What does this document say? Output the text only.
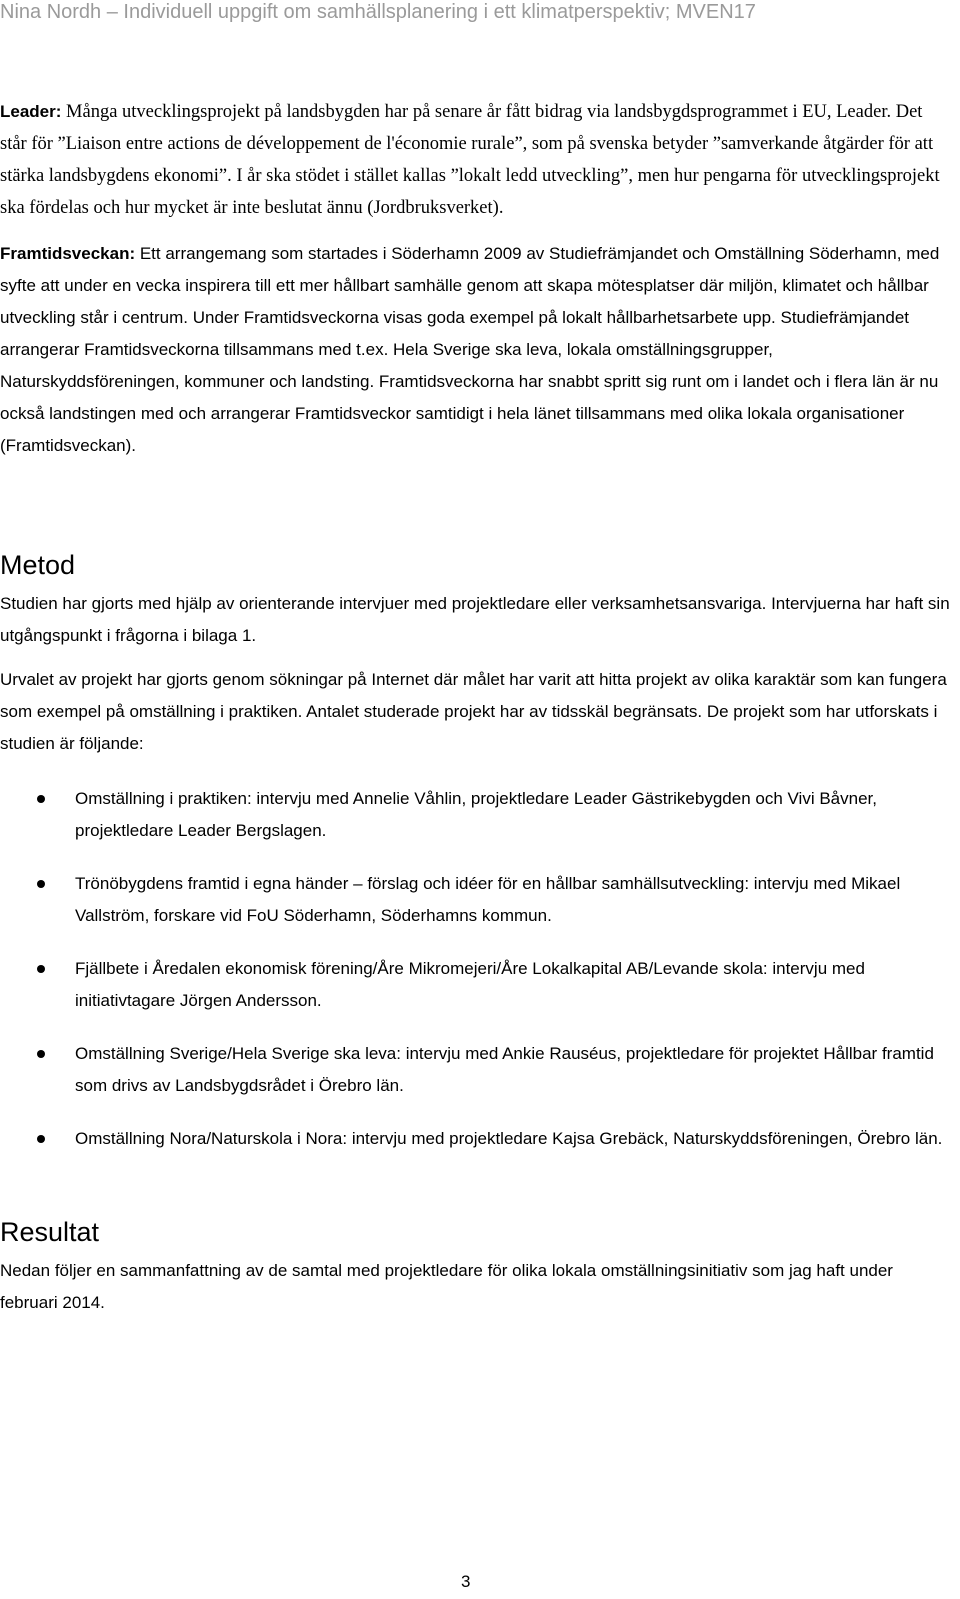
Nina Nordh – Individuell uppgift om samhällsplanering i ett klimatperspektiv; MVEN17

Leader: Många utvecklingsprojekt på landsbygden har på senare år fått bidrag via landsbygdsprogrammet i EU, Leader. Det står för ”Liaison entre actions de développement de l'économie rurale”, som på svenska betyder ”samverkande åtgärder för att stärka landsbygdens ekonomi”. I år ska stödet i stället kallas ”lokalt ledd utveckling”, men hur pengarna för utvecklingsprojekt ska fördelas och hur mycket är inte beslutat ännu (Jordbruksverket).

Framtidsveckan: Ett arrangemang som startades i Söderhamn 2009 av Studiefrämjandet och Omställning Söderhamn, med syfte att under en vecka inspirera till ett mer hållbart samhälle genom att skapa mötesplatser där miljön, klimatet och hållbar utveckling står i centrum. Under Framtidsveckorna visas goda exempel på lokalt hållbarhetsarbete upp. Studiefrämjandet arrangerar Framtidsveckorna tillsammans med t.ex. Hela Sverige ska leva, lokala omställningsgrupper, Naturskyddsföreningen, kommuner och landsting. Framtidsveckorna har snabbt spritt sig runt om i landet och i flera län är nu också landstingen med och arrangerar Framtidsveckor samtidigt i hela länet tillsammans med olika lokala organisationer (Framtidsveckan).

Metod

Studien har gjorts med hjälp av orienterande intervjuer med projektledare eller verksamhetsansvariga. Intervjuerna har haft sin utgångspunkt i frågorna i bilaga 1.

Urvalet av projekt har gjorts genom sökningar på Internet där målet har varit att hitta projekt av olika karaktär som kan fungera som exempel på omställning i praktiken. Antalet studerade projekt har av tidsskäl begränsats. De projekt som har utforskats i studien är följande:

Omställning i praktiken: intervju med Annelie Våhlin, projektledare Leader Gästrikebygden och Vivi Båvner, projektledare Leader Bergslagen.
Trönöbygdens framtid i egna händer – förslag och idéer för en hållbar samhällsutveckling: intervju med Mikael Vallström, forskare vid FoU Söderhamn, Söderhamns kommun.
Fjällbete i Åredalen ekonomisk förening/Åre Mikromejeri/Åre Lokalkapital AB/Levande skola: intervju med initiativtagare Jörgen Andersson.
Omställning Sverige/Hela Sverige ska leva: intervju med Ankie Rauséus, projektledare för projektet Hållbar framtid som drivs av Landsbygdsrådet i Örebro län.
Omställning Nora/Naturskola i Nora: intervju med projektledare Kajsa Grebäck, Naturskyddsföreningen, Örebro län.
Resultat

Nedan följer en sammanfattning av de samtal med projektledare för olika lokala omställningsinitiativ som jag haft under februari 2014.

3
